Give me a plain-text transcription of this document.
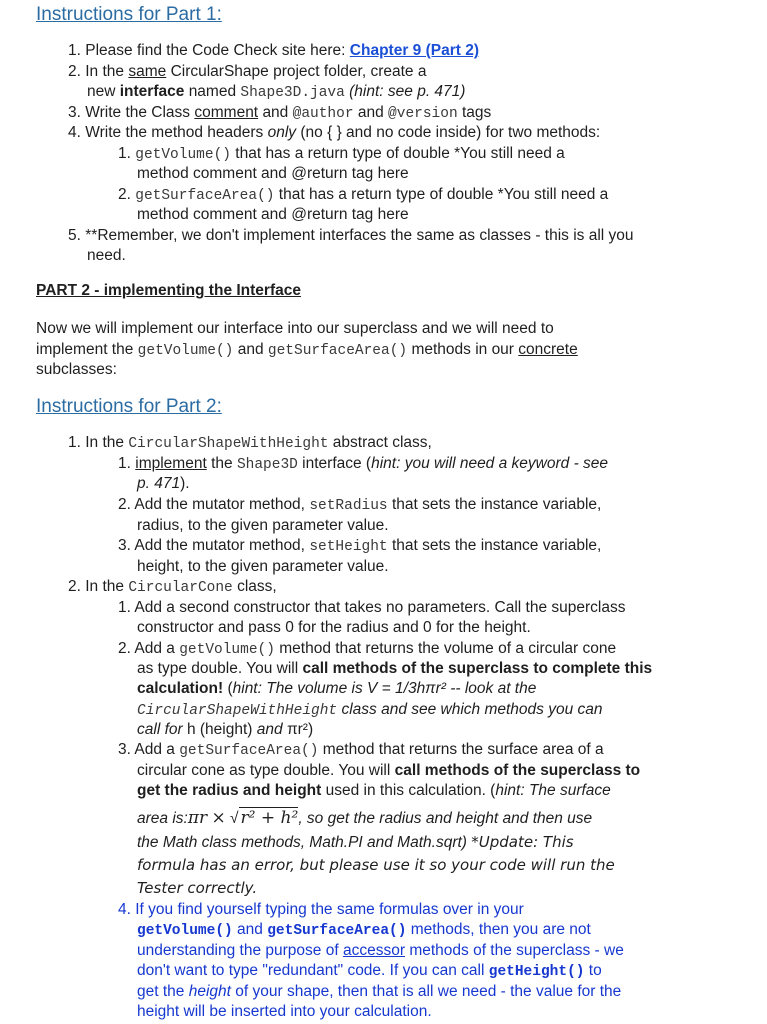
Instructions for Part 1:
1. Please find the Code Check site here: Chapter 9 (Part 2)
2. In the same CircularShape project folder, create a
new interface named Shape3D.java (hint: see p. 471)
3. Write the Class comment and @author and @version tags
4. Write the method headers only (no { } and no code inside) for two methods:
1. getVolume() that has a return type of double *You still need a
method comment and @return tag here
2. getSurfaceArea() that has a return type of double *You still need a
method comment and @return tag here
5. **Remember, we don't implement interfaces the same as classes - this is all you
need.
PART 2 - implementing the Interface
Now we will implement our interface into our superclass and we will need to
implement the getVolume() and getSurfaceArea() methods in our concrete
subclasses:
Instructions for Part 2:
1. In the CircularShapeWithHeight abstract class,
1. implement the Shape3D interface (hint: you will need a keyword - see
p. 471).
2. Add the mutator method, setRadius that sets the instance variable,
radius, to the given parameter value.
3. Add the mutator method, setHeight that sets the instance variable,
height, to the given parameter value.
2. In the CircularCone class,
1. Add a second constructor that takes no parameters. Call the superclass
constructor and pass 0 for the radius and 0 for the height.
2. Add a getVolume() method that returns the volume of a circular cone
as type double. You will call methods of the superclass to complete this
calculation! (hint: The volume is V = 1/3hπr² -- look at the
CircularShapeWithHeight class and see which methods you can
call for h (height) and πr²)
3. Add a getSurfaceArea() method that returns the surface area of a
circular cone as type double. You will call methods of the superclass to
get the radius and height used in this calculation. (hint: The surface
area is:πr × √ r² + h², so get the radius and height and then use
the Math class methods, Math.PI and Math.sqrt) *Update: This
formula has an error, but please use it so your code will run the
Tester correctly.
4. If you find yourself typing the same formulas over in your
getVolume() and getSurfaceArea() methods, then you are not
understanding the purpose of accessor methods of the superclass - we
don't want to type "redundant" code. If you can call getHeight() to
get the height of your shape, then that is all we need - the value for the
height will be inserted into your calculation.
